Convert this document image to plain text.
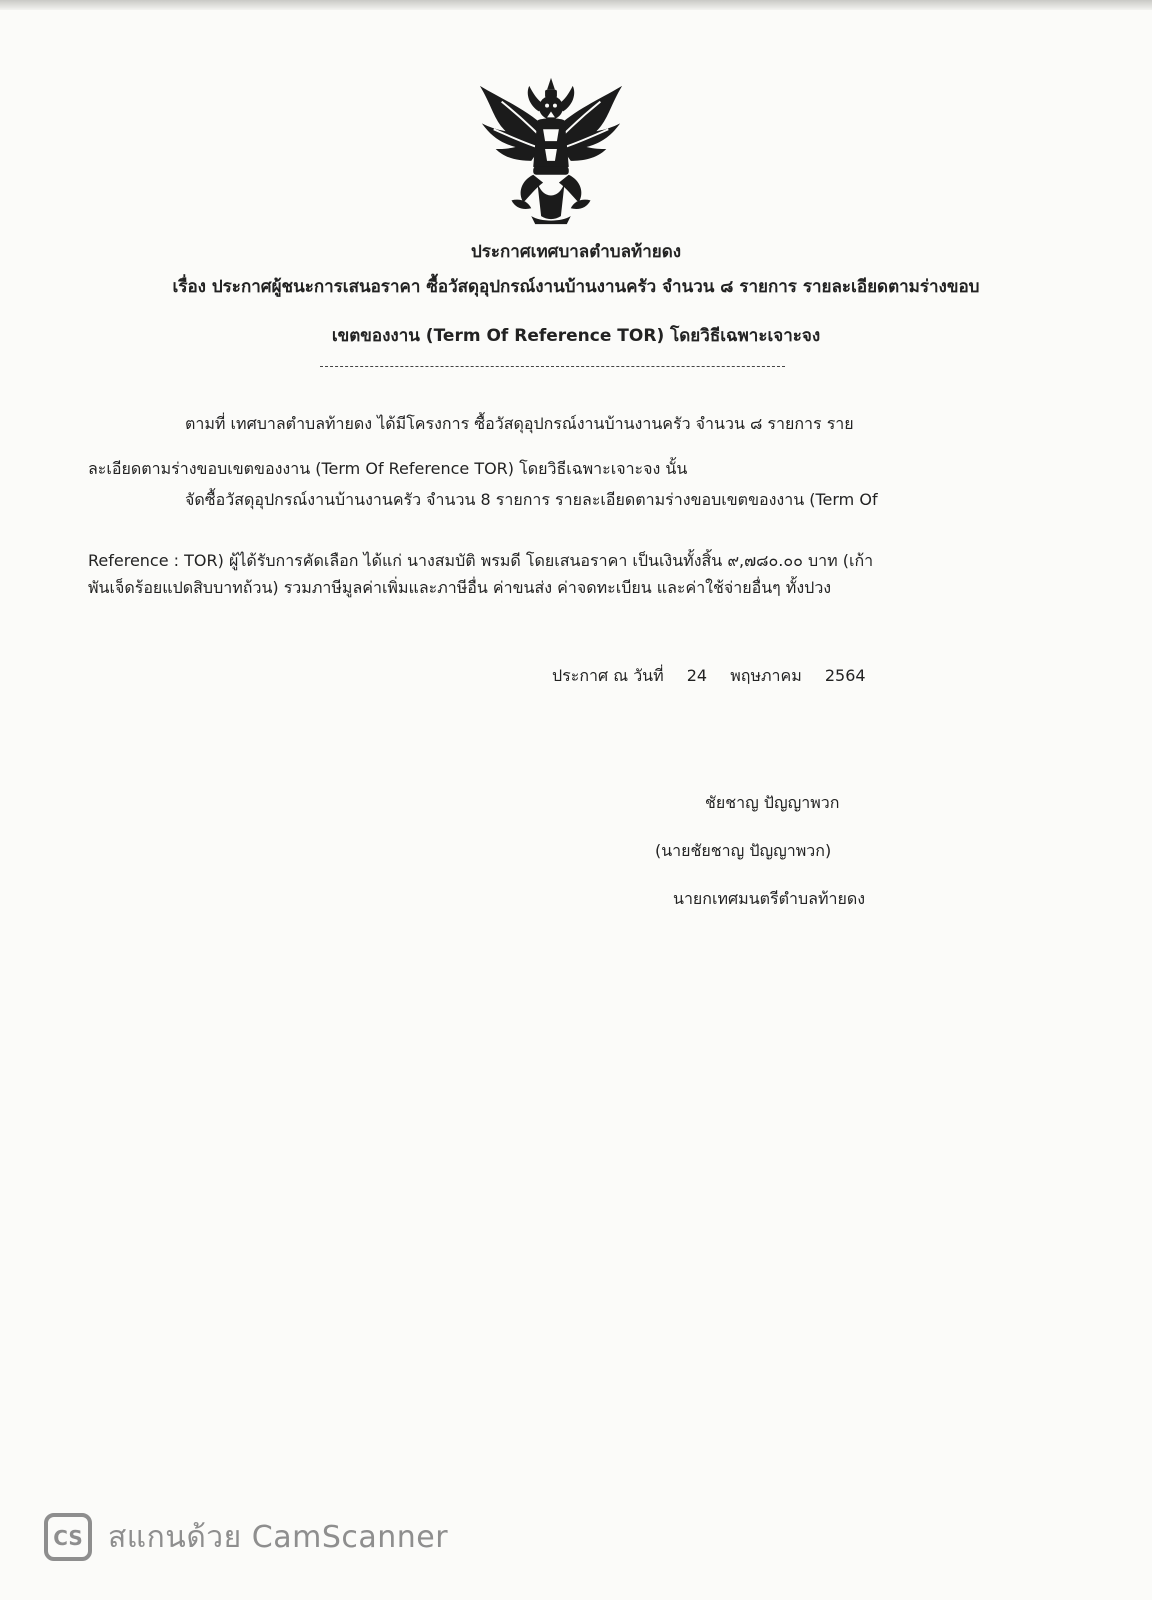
ประกาศเทศบาลตำบลท้ายดง
เรื่อง ประกาศผู้ชนะการเสนอราคา ซื้อวัสดุอุปกรณ์งานบ้านงานครัว จำนวน ๘ รายการ รายละเอียดตามร่างขอบ
เขตของงาน (Term Of Reference TOR) โดยวิธีเฉพาะเจาะจง
ตามที่ เทศบาลตำบลท้ายดง ได้มีโครงการ ซื้อวัสดุอุปกรณ์งานบ้านงานครัว จำนวน ๘ รายการ ราย
ละเอียดตามร่างขอบเขตของงาน (Term Of Reference TOR) โดยวิธีเฉพาะเจาะจง นั้น
จัดซื้อวัสดุอุปกรณ์งานบ้านงานครัว จำนวน 8 รายการ รายละเอียดตามร่างขอบเขตของงาน (Term Of
Reference : TOR) ผู้ได้รับการคัดเลือก ได้แก่ นางสมบัติ พรมดี โดยเสนอราคา เป็นเงินทั้งสิ้น ๙,๗๘๐.๐๐ บาท (เก้า
พันเจ็ดร้อยแปดสิบบาทถ้วน) รวมภาษีมูลค่าเพิ่มและภาษีอื่น ค่าขนส่ง ค่าจดทะเบียน และค่าใช้จ่ายอื่นๆ ทั้งปวง
ประกาศ ณ วันที่ 24 พฤษภาคม 2564
ชัยชาญ ปัญญาพวก
(นายชัยชาญ ปัญญาพวก)
นายกเทศมนตรีตำบลท้ายดง
CS สแกนด้วย CamScanner
